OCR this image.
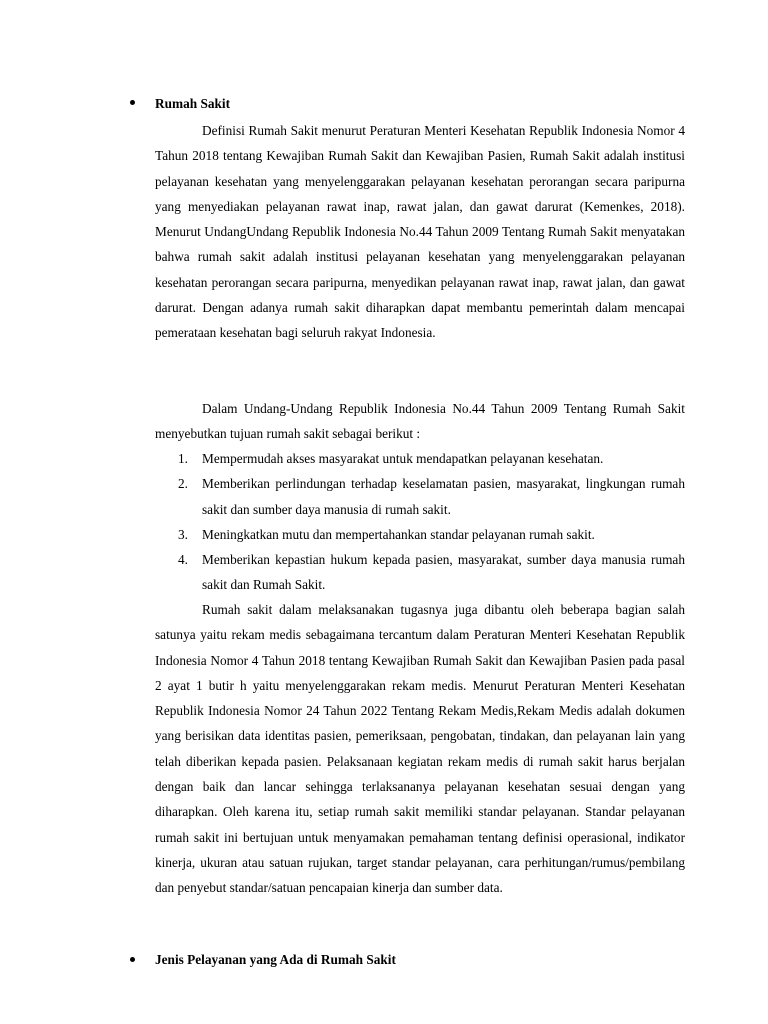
Rumah Sakit
Definisi Rumah Sakit menurut Peraturan Menteri Kesehatan Republik Indonesia Nomor 4 Tahun 2018 tentang Kewajiban Rumah Sakit dan Kewajiban Pasien, Rumah Sakit adalah institusi pelayanan kesehatan yang menyelenggarakan pelayanan kesehatan perorangan secara paripurna yang menyediakan pelayanan rawat inap, rawat jalan, dan gawat darurat (Kemenkes, 2018). Menurut UndangUndang Republik Indonesia No.44 Tahun 2009 Tentang Rumah Sakit menyatakan bahwa rumah sakit adalah institusi pelayanan kesehatan yang menyelenggarakan pelayanan kesehatan perorangan secara paripurna, menyedikan pelayanan rawat inap, rawat jalan, dan gawat darurat. Dengan adanya rumah sakit diharapkan dapat membantu pemerintah dalam mencapai pemerataan kesehatan bagi seluruh rakyat Indonesia.
Dalam Undang-Undang Republik Indonesia No.44 Tahun 2009 Tentang Rumah Sakit menyebutkan tujuan rumah sakit sebagai berikut :
1. Mempermudah akses masyarakat untuk mendapatkan pelayanan kesehatan.
2. Memberikan perlindungan terhadap keselamatan pasien, masyarakat, lingkungan rumah sakit dan sumber daya manusia di rumah sakit.
3. Meningkatkan mutu dan mempertahankan standar pelayanan rumah sakit.
4. Memberikan kepastian hukum kepada pasien, masyarakat, sumber daya manusia rumah sakit dan Rumah Sakit.
Rumah sakit dalam melaksanakan tugasnya juga dibantu oleh beberapa bagian salah satunya yaitu rekam medis sebagaimana tercantum dalam Peraturan Menteri Kesehatan Republik Indonesia Nomor 4 Tahun 2018 tentang Kewajiban Rumah Sakit dan Kewajiban Pasien pada pasal 2 ayat 1 butir h yaitu menyelenggarakan rekam medis. Menurut Peraturan Menteri Kesehatan Republik Indonesia Nomor 24 Tahun 2022 Tentang Rekam Medis,Rekam Medis adalah dokumen yang berisikan data identitas pasien, pemeriksaan, pengobatan, tindakan, dan pelayanan lain yang telah diberikan kepada pasien. Pelaksanaan kegiatan rekam medis di rumah sakit harus berjalan dengan baik dan lancar sehingga terlaksananya pelayanan kesehatan sesuai dengan yang diharapkan. Oleh karena itu, setiap rumah sakit memiliki standar pelayanan. Standar pelayanan rumah sakit ini bertujuan untuk menyamakan pemahaman tentang definisi operasional, indikator kinerja, ukuran atau satuan rujukan, target standar pelayanan, cara perhitungan/rumus/pembilang dan penyebut standar/satuan pencapaian kinerja dan sumber data.
Jenis Pelayanan yang Ada di Rumah Sakit
